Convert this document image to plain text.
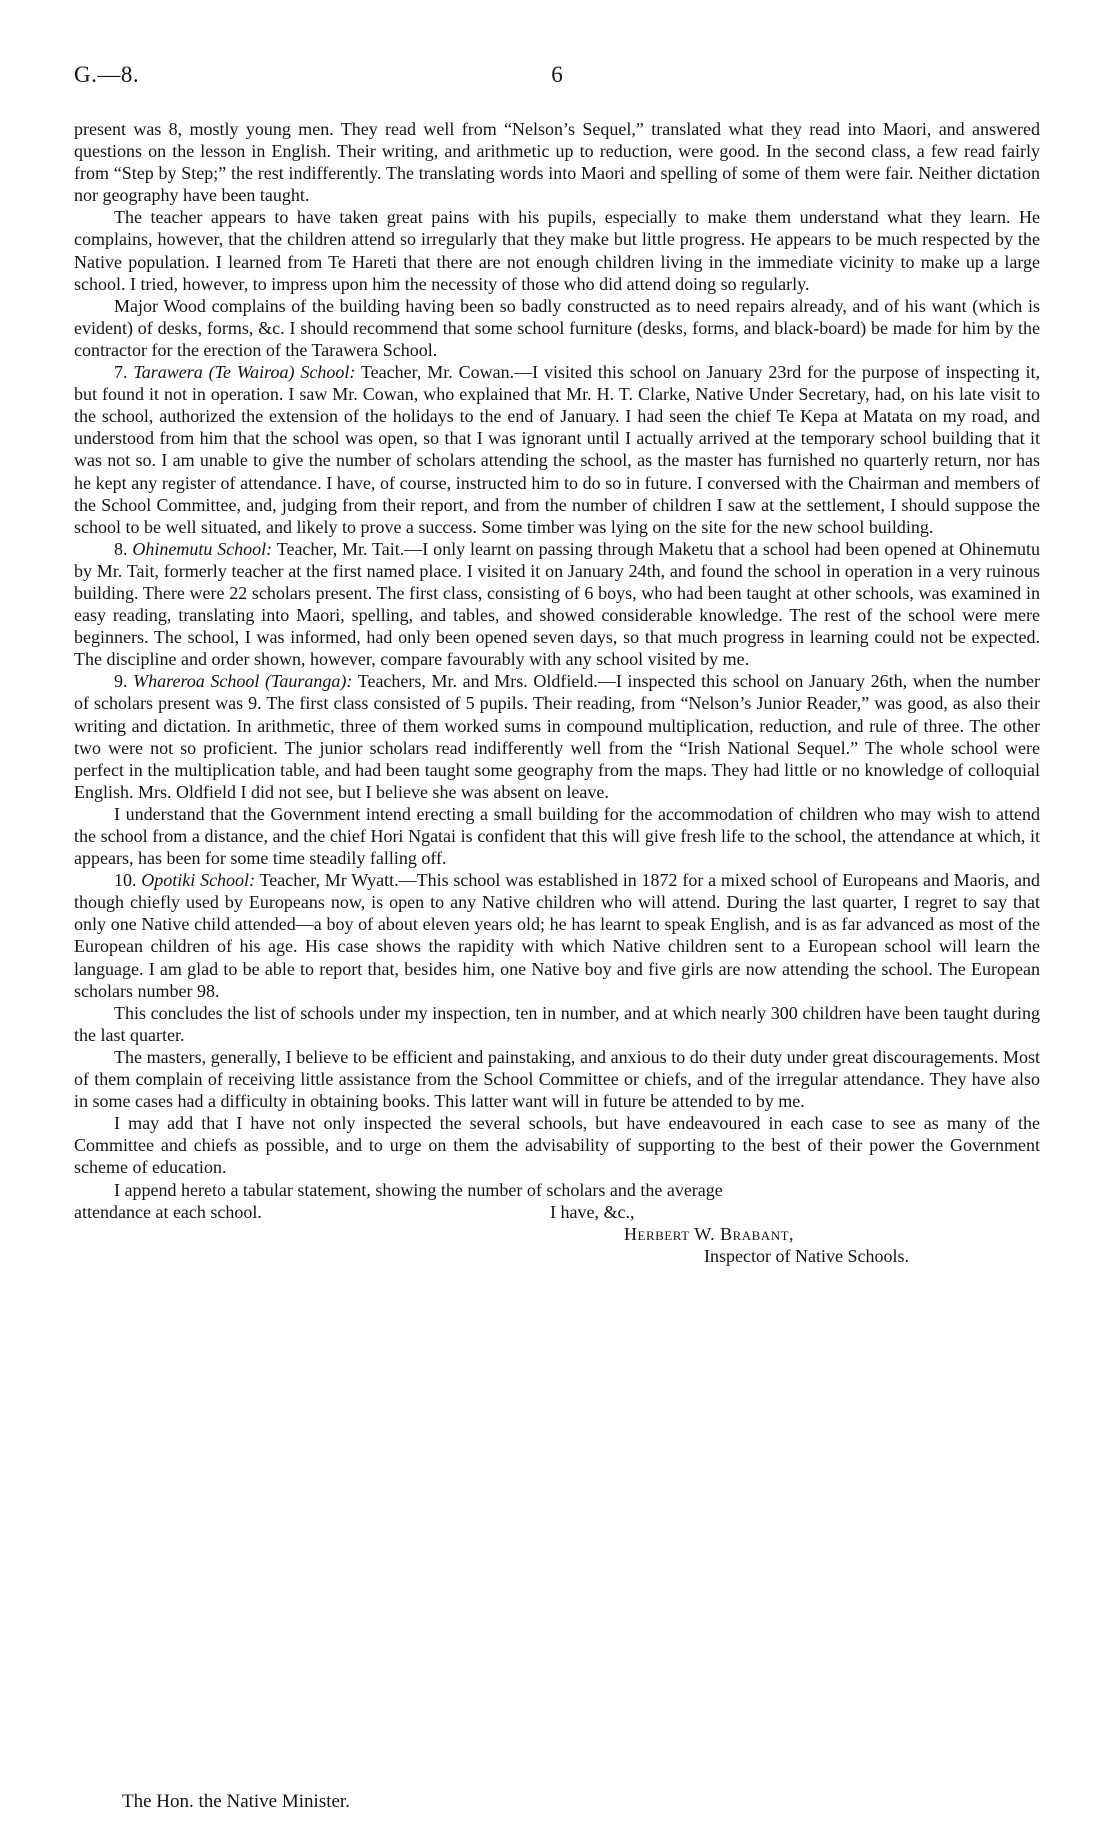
G.—8.	6

present was 8, mostly young men. They read well from “Nelson’s Sequel,” translated what they read into Maori, and answered questions on the lesson in English. Their writing, and arithmetic up to reduction, were good. In the second class, a few read fairly from “Step by Step;” the rest indifferently. The translating words into Maori and spelling of some of them were fair. Neither dictation nor geography have been taught.

The teacher appears to have taken great pains with his pupils, especially to make them understand what they learn. He complains, however, that the children attend so irregularly that they make but little progress. He appears to be much respected by the Native population. I learned from Te Hareti that there are not enough children living in the immediate vicinity to make up a large school. I tried, however, to impress upon him the necessity of those who did attend doing so regularly.

Major Wood complains of the building having been so badly constructed as to need repairs already, and of his want (which is evident) of desks, forms, &c. I should recommend that some school furniture (desks, forms, and black-board) be made for him by the contractor for the erection of the Tarawera School.

7. Tarawera (Te Wairoa) School: Teacher, Mr. Cowan.—I visited this school on January 23rd for the purpose of inspecting it, but found it not in operation. I saw Mr. Cowan, who explained that Mr. H. T. Clarke, Native Under Secretary, had, on his late visit to the school, authorized the extension of the holidays to the end of January. I had seen the chief Te Kepa at Matata on my road, and understood from him that the school was open, so that I was ignorant until I actually arrived at the temporary school building that it was not so. I am unable to give the number of scholars attending the school, as the master has furnished no quarterly return, nor has he kept any register of attendance. I have, of course, instructed him to do so in future. I conversed with the Chairman and members of the School Committee, and, judging from their report, and from the number of children I saw at the settlement, I should suppose the school to be well situated, and likely to prove a success. Some timber was lying on the site for the new school building.

8. Ohinemutu School: Teacher, Mr. Tait.—I only learnt on passing through Maketu that a school had been opened at Ohinemutu by Mr. Tait, formerly teacher at the first named place. I visited it on January 24th, and found the school in operation in a very ruinous building. There were 22 scholars present. The first class, consisting of 6 boys, who had been taught at other schools, was examined in easy reading, translating into Maori, spelling, and tables, and showed considerable knowledge. The rest of the school were mere beginners. The school, I was informed, had only been opened seven days, so that much progress in learning could not be expected. The discipline and order shown, however, compare favourably with any school visited by me.

9. Whareroa School (Tauranga): Teachers, Mr. and Mrs. Oldfield.—I inspected this school on January 26th, when the number of scholars present was 9. The first class consisted of 5 pupils. Their reading, from “Nelson’s Junior Reader,” was good, as also their writing and dictation. In arithmetic, three of them worked sums in compound multiplication, reduction, and rule of three. The other two were not so proficient. The junior scholars read indifferently well from the “Irish National Sequel.” The whole school were perfect in the multiplication table, and had been taught some geography from the maps. They had little or no knowledge of colloquial English. Mrs. Oldfield I did not see, but I believe she was absent on leave.

I understand that the Government intend erecting a small building for the accommodation of children who may wish to attend the school from a distance, and the chief Hori Ngatai is confident that this will give fresh life to the school, the attendance at which, it appears, has been for some time steadily falling off.

10. Opotiki School: Teacher, Mr Wyatt.—This school was established in 1872 for a mixed school of Europeans and Maoris, and though chiefly used by Europeans now, is open to any Native children who will attend. During the last quarter, I regret to say that only one Native child attended—a boy of about eleven years old; he has learnt to speak English, and is as far advanced as most of the European children of his age. His case shows the rapidity with which Native children sent to a European school will learn the language. I am glad to be able to report that, besides him, one Native boy and five girls are now attending the school. The European scholars number 98.

This concludes the list of schools under my inspection, ten in number, and at which nearly 300 children have been taught during the last quarter.

The masters, generally, I believe to be efficient and painstaking, and anxious to do their duty under great discouragements. Most of them complain of receiving little assistance from the School Committee or chiefs, and of the irregular attendance. They have also in some cases had a difficulty in obtaining books. This latter want will in future be attended to by me.

I may add that I have not only inspected the several schools, but have endeavoured in each case to see as many of the Committee and chiefs as possible, and to urge on them the advisability of supporting to the best of their power the Government scheme of education.

I append hereto a tabular statement, showing the number of scholars and the average

attendance at each school.	I have, &c.,
Herbert W. Brabant,
Inspector of Native Schools.
The Hon. the Native Minister.
